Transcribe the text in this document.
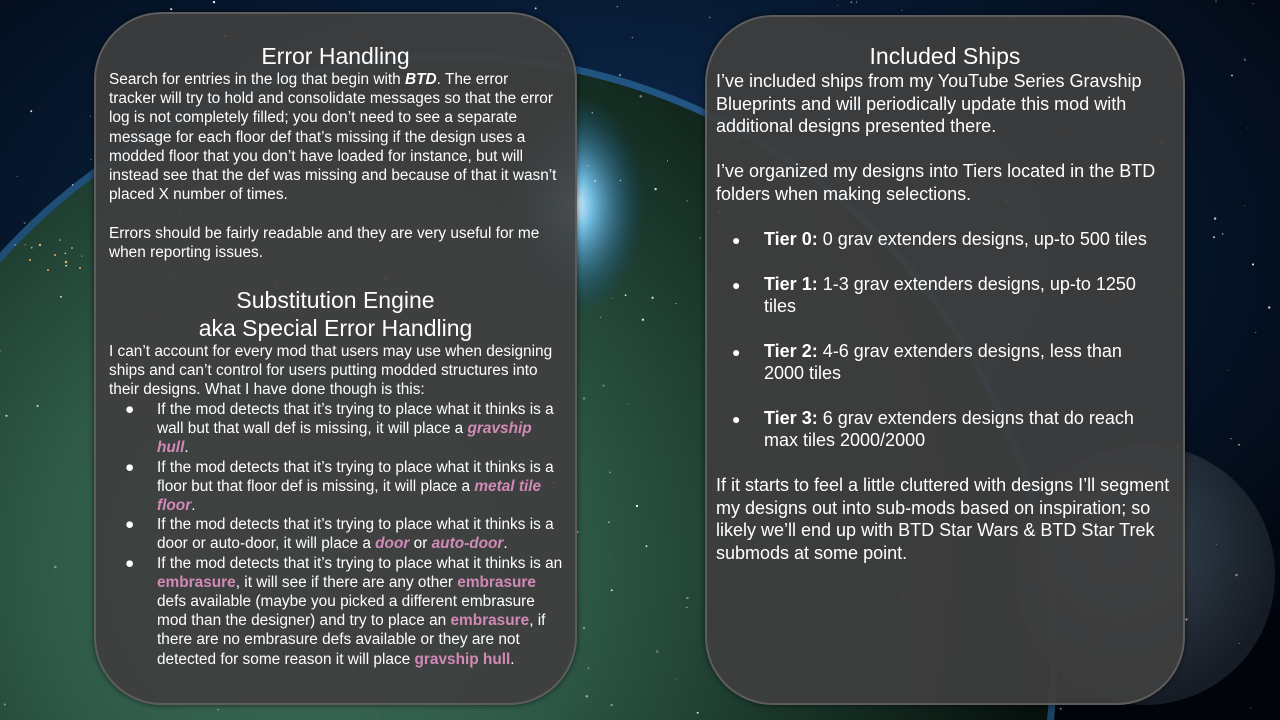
Error Handling
Search for entries in the log that begin with BTD. The error tracker will try to hold and consolidate messages so that the error log is not completely filled; you don’t need to see a separate message for each floor def that’s missing if the design uses a modded floor that you don’t have loaded for instance, but will instead see that the def was missing and because of that it wasn’t placed X number of times.
Errors should be fairly readable and they are very useful for me when reporting issues.
Substitution Engine
aka Special Error Handling
I can’t account for every mod that users may use when designing ships and can’t control for users putting modded structures into their designs. What I have done though is this:
● If the mod detects that it’s trying to place what it thinks is a wall but that wall def is missing, it will place a gravship hull.
● If the mod detects that it’s trying to place what it thinks is a floor but that floor def is missing, it will place a metal tile floor.
● If the mod detects that it’s trying to place what it thinks is a door or auto-door, it will place a door or auto-door.
● If the mod detects that it’s trying to place what it thinks is an embrasure, it will see if there are any other embrasure defs available (maybe you picked a different embrasure mod than the designer) and try to place an embrasure, if there are no embrasure defs available or they are not detected for some reason it will place gravship hull.
Included Ships
I’ve included ships from my YouTube Series Gravship Blueprints and will periodically update this mod with additional designs presented there.
I’ve organized my designs into Tiers located in the BTD folders when making selections.
● Tier 0: 0 grav extenders designs, up-to 500 tiles
● Tier 1: 1-3 grav extenders designs, up-to 1250 tiles
● Tier 2: 4-6 grav extenders designs, less than 2000 tiles
● Tier 3: 6 grav extenders designs that do reach max tiles 2000/2000
If it starts to feel a little cluttered with designs I’ll segment my designs out into sub-mods based on inspiration; so likely we’ll end up with BTD Star Wars & BTD Star Trek submods at some point.
